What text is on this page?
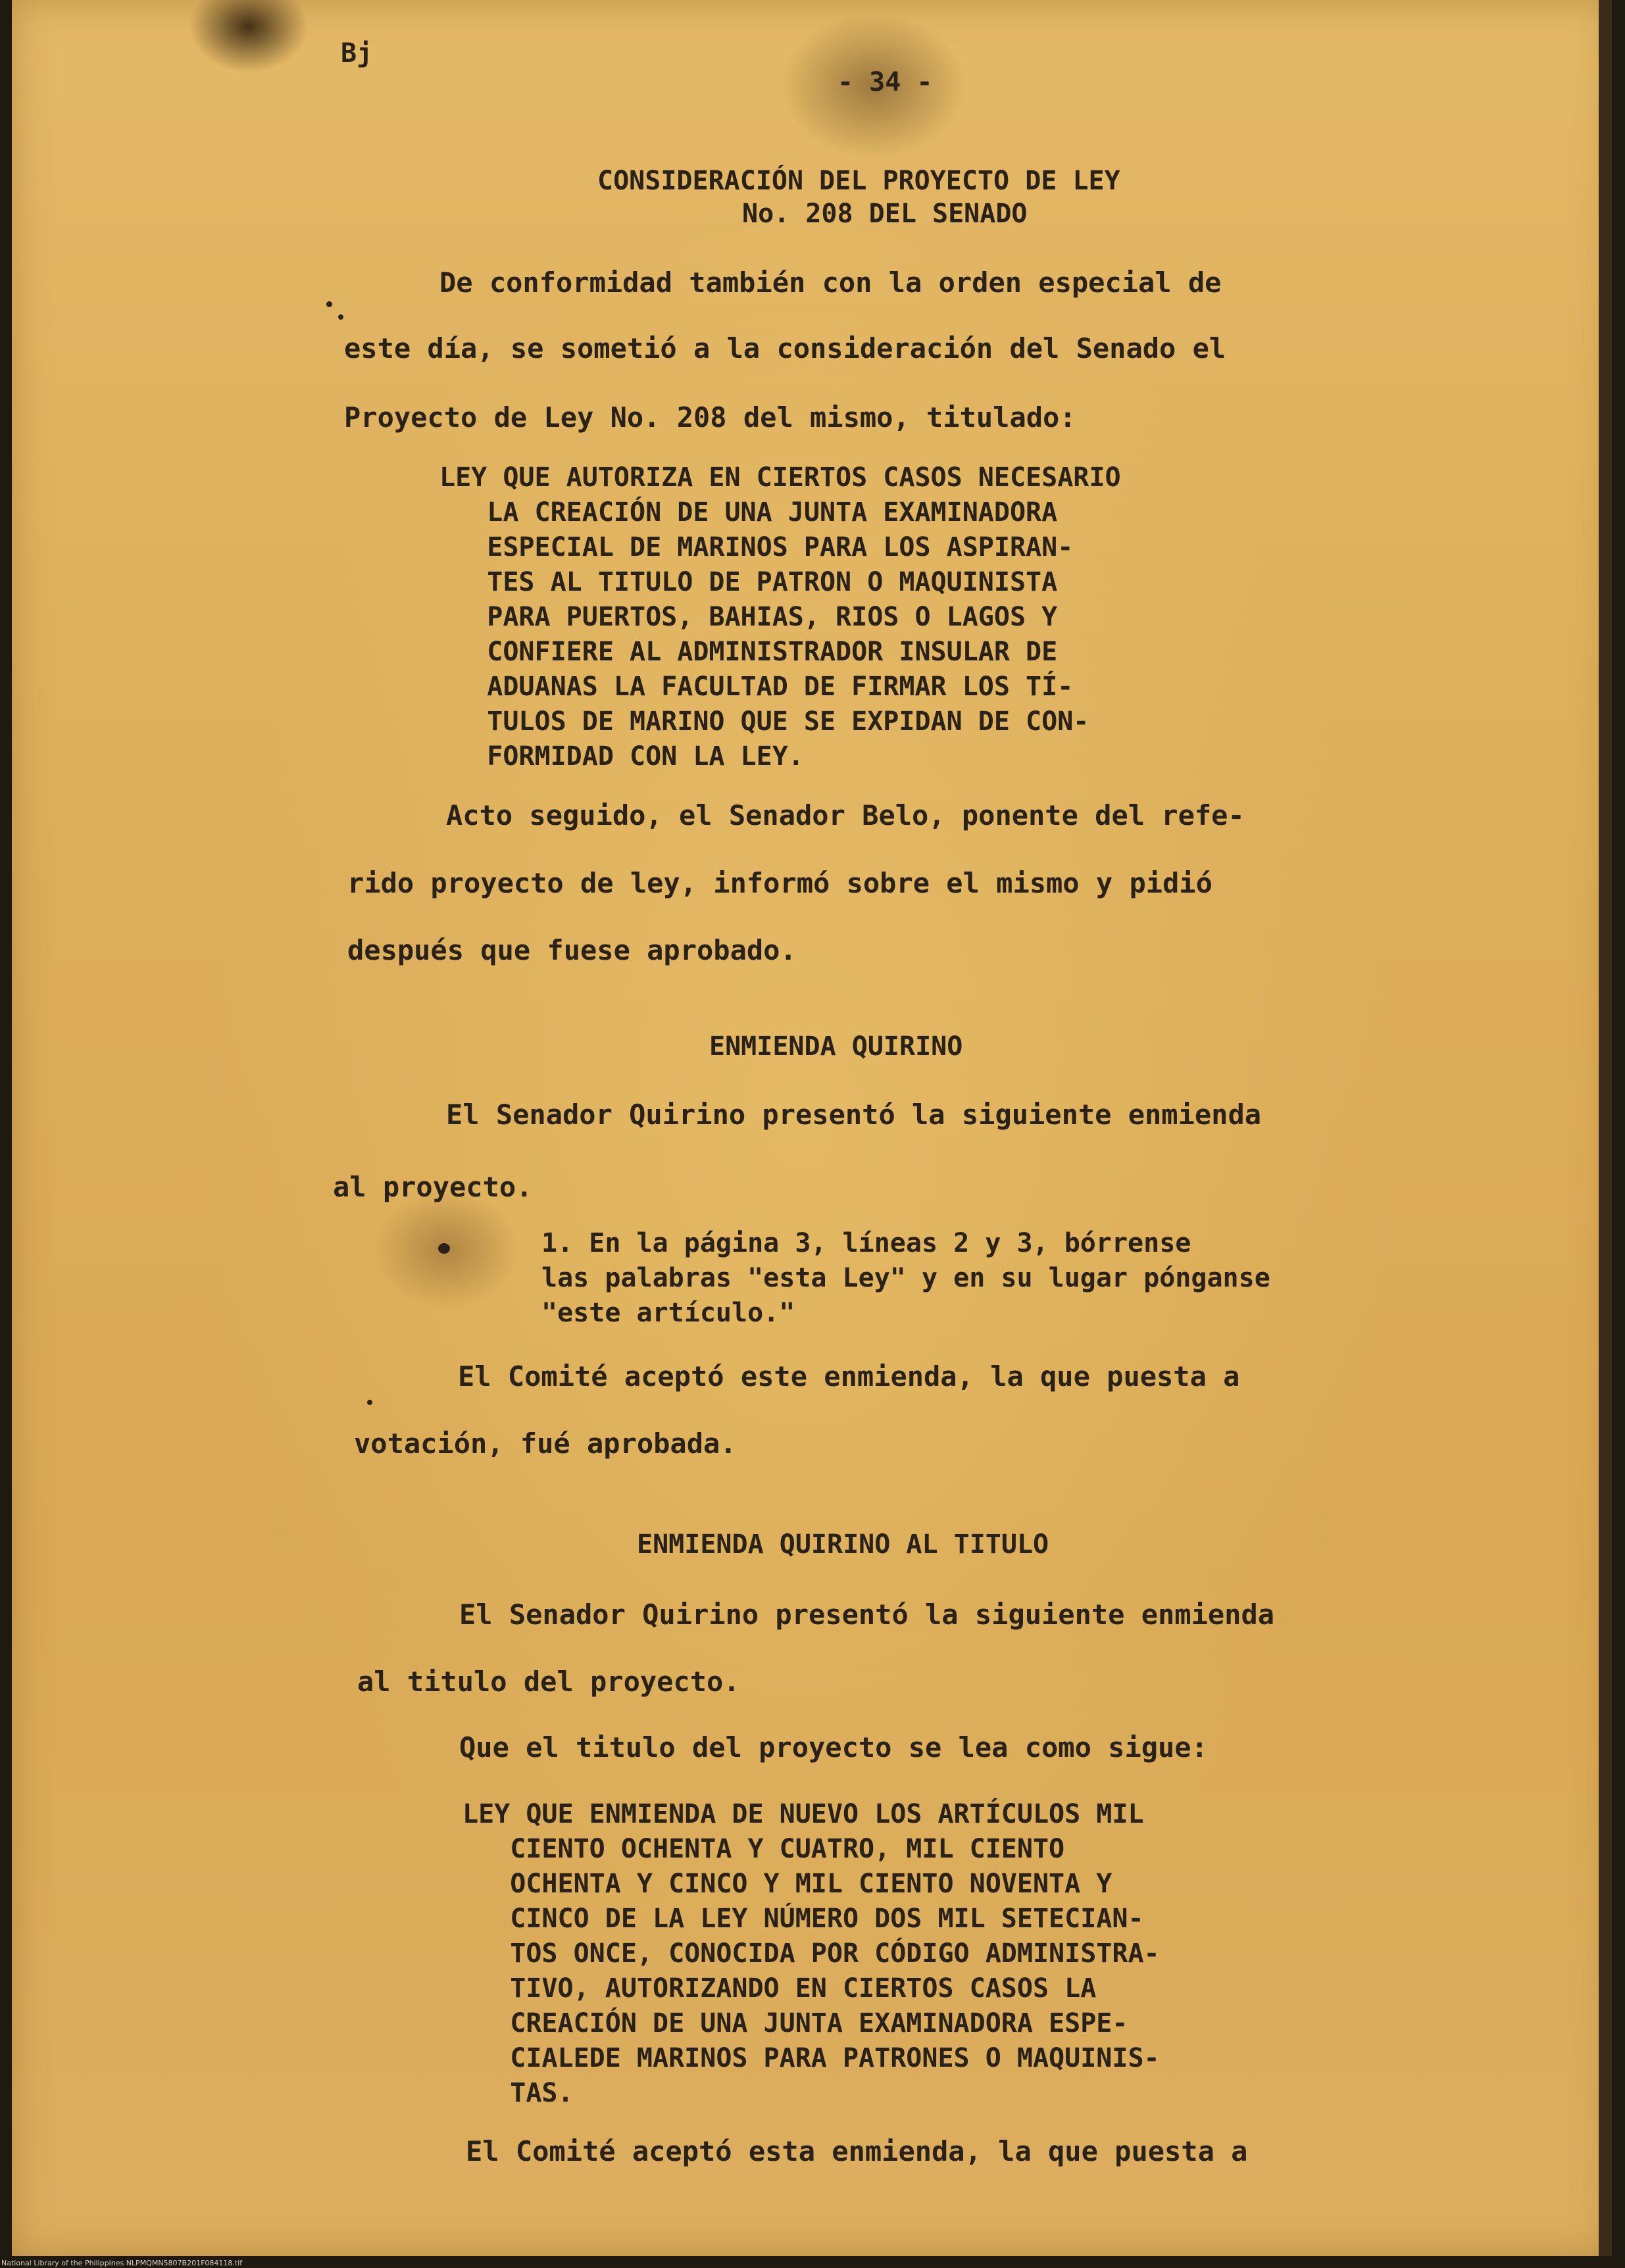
Bj
- 34 -
CONSIDERACIÓN DEL PROYECTO DE LEY
No. 208 DEL SENADO
De conformidad también con la orden especial de
este día, se sometió a la consideración del Senado el
Proyecto de Ley No. 208 del mismo, titulado:
LEY QUE AUTORIZA EN CIERTOS CASOS NECESARIO
LA CREACIÓN DE UNA JUNTA EXAMINADORA
ESPECIAL DE MARINOS PARA LOS ASPIRAN-
TES AL TITULO DE PATRON O MAQUINISTA
PARA PUERTOS, BAHIAS, RIOS O LAGOS Y
CONFIERE AL ADMINISTRADOR INSULAR DE
ADUANAS LA FACULTAD DE FIRMAR LOS TÍ-
TULOS DE MARINO QUE SE EXPIDAN DE CON-
FORMIDAD CON LA LEY.
Acto seguido, el Senador Belo, ponente del refe-
rido proyecto de ley, informó sobre el mismo y pidió
después que fuese aprobado.
ENMIENDA QUIRINO
El Senador Quirino presentó la siguiente enmienda
al proyecto.
1. En la página 3, líneas 2 y 3, bórrense
las palabras "esta Ley" y en su lugar pónganse
"este artículo."
El Comité aceptó este enmienda, la que puesta a
votación, fué aprobada.
ENMIENDA QUIRINO AL TITULO
El Senador Quirino presentó la siguiente enmienda
al titulo del proyecto.
Que el titulo del proyecto se lea como sigue:
LEY QUE ENMIENDA DE NUEVO LOS ARTÍCULOS MIL
CIENTO OCHENTA Y CUATRO, MIL CIENTO
OCHENTA Y CINCO Y MIL CIENTO NOVENTA Y
CINCO DE LA LEY NÚMERO DOS MIL SETECIAN-
TOS ONCE, CONOCIDA POR CÓDIGO ADMINISTRA-
TIVO, AUTORIZANDO EN CIERTOS CASOS LA
CREACIÓN DE UNA JUNTA EXAMINADORA ESPE-
CIALEDE MARINOS PARA PATRONES O MAQUINIS-
TAS.
El Comité aceptó esta enmienda, la que puesta a
National Library of the Philippines NLPMQMN5807B201F084118.tif
